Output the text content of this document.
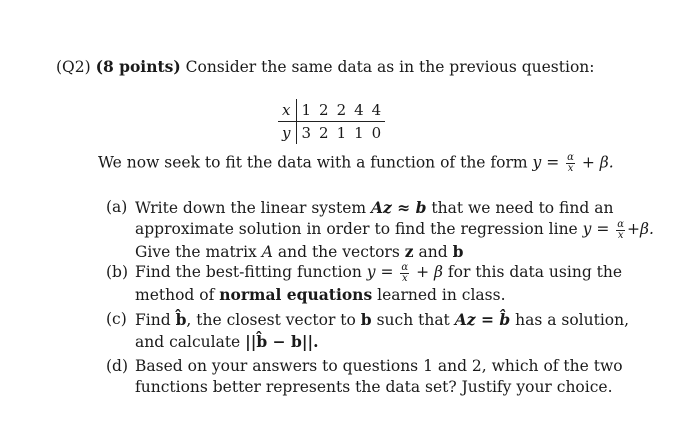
(Q2) (8 points) Consider the same data as in the previous question:
x	1	2	2	4	4
y	3	2	1	1	0
We now seek to fit the data with a function of the form $y = \frac{\alpha}{x} + \beta$.
(a) Write down the linear system Az ≈ b that we need to find an
approximate solution in order to find the regression line $y = \frac{\alpha}{x} +\beta$.
Give the matrix A and the vectors z and b
(b) Find the best-fitting function $y = \frac{\alpha}{x} + \beta$ for this data using the
method of normal equations learned in class.
(c) Find b̂, the closest vector to b such that Az = b̂ has a solution,
and calculate ||b̂ − b||.
(d) Based on your answers to questions 1 and 2, which of the two
functions better represents the data set? Justify your choice.
